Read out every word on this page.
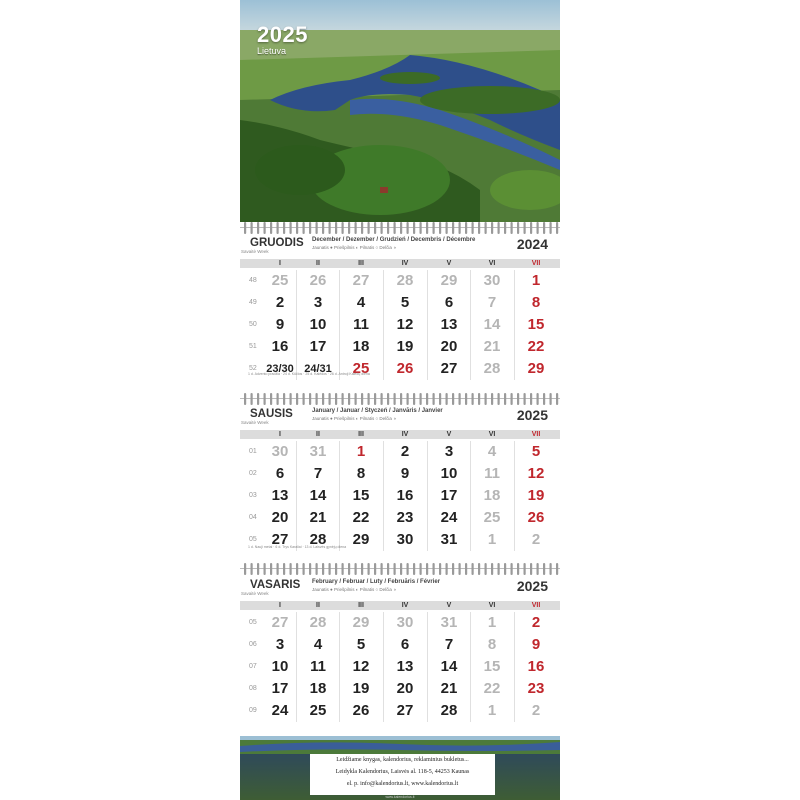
2025
Lietuva
GRUODIS December / Dezember / Grudzień / Decembris / Décembre
Jaunatis ● Priešpilnis ◐ Pilnatis ○ Delčia ◑	2024
Savaitė Week
I	II	III	IV	V	VI	VII
48 25	26	27	28	29	30	1
49	2	3	4	5	6	7	8
50	9	10	11	12	13	14	15
51 16	17	18	19	20	21	22
52 23/30 24/31	25	26	27	28	29
1 d. Advento pradžia · 24 d. Kūčios · 25 d. Kalėdos · 26 d. Antroji Kalėdų diena
SAUSIS	January / Januar / Styczeń / Janvāris / Janvier
Jaunatis ● Priešpilnis ◐ Pilnatis ○ Delčia ◑	2025
Savaitė Week
I	II	III	IV	V	VI	VII
01 30	31	1	2	3	4	5
02	6	7	8	9	10	11	12
03 13	14	15	16	17	18	19
04 20	21	22	23	24	25	26
05 27	28	29	30	31	1	2
1 d. Nauji metai · 6 d. Trys Karaliai · 13 d. Laisvės gynėjų diena
VASARIS February / Februar / Luty / Februāris / Février
Jaunatis ● Priešpilnis ◐ Pilnatis ○ Delčia ◑	2025
Savaitė Week
I	II	III	IV	V	VI	VII
05 27	28	29	30	31	1	2
06	3	4	5	6	7	8	9
07 10	11	12	13	14	15	16
08 17	18	19	20	21	22	23
09 24	25	26	27	28	1	2
Leidžiame knygas, kalendorius, reklaminius bukletus...
Leidykla Kalendorius, Laisvės al. 118-5, 44253 Kaunas
el. p. info@kalendorius.lt, www.kalendorius.lt
www.kalendorius.lt
